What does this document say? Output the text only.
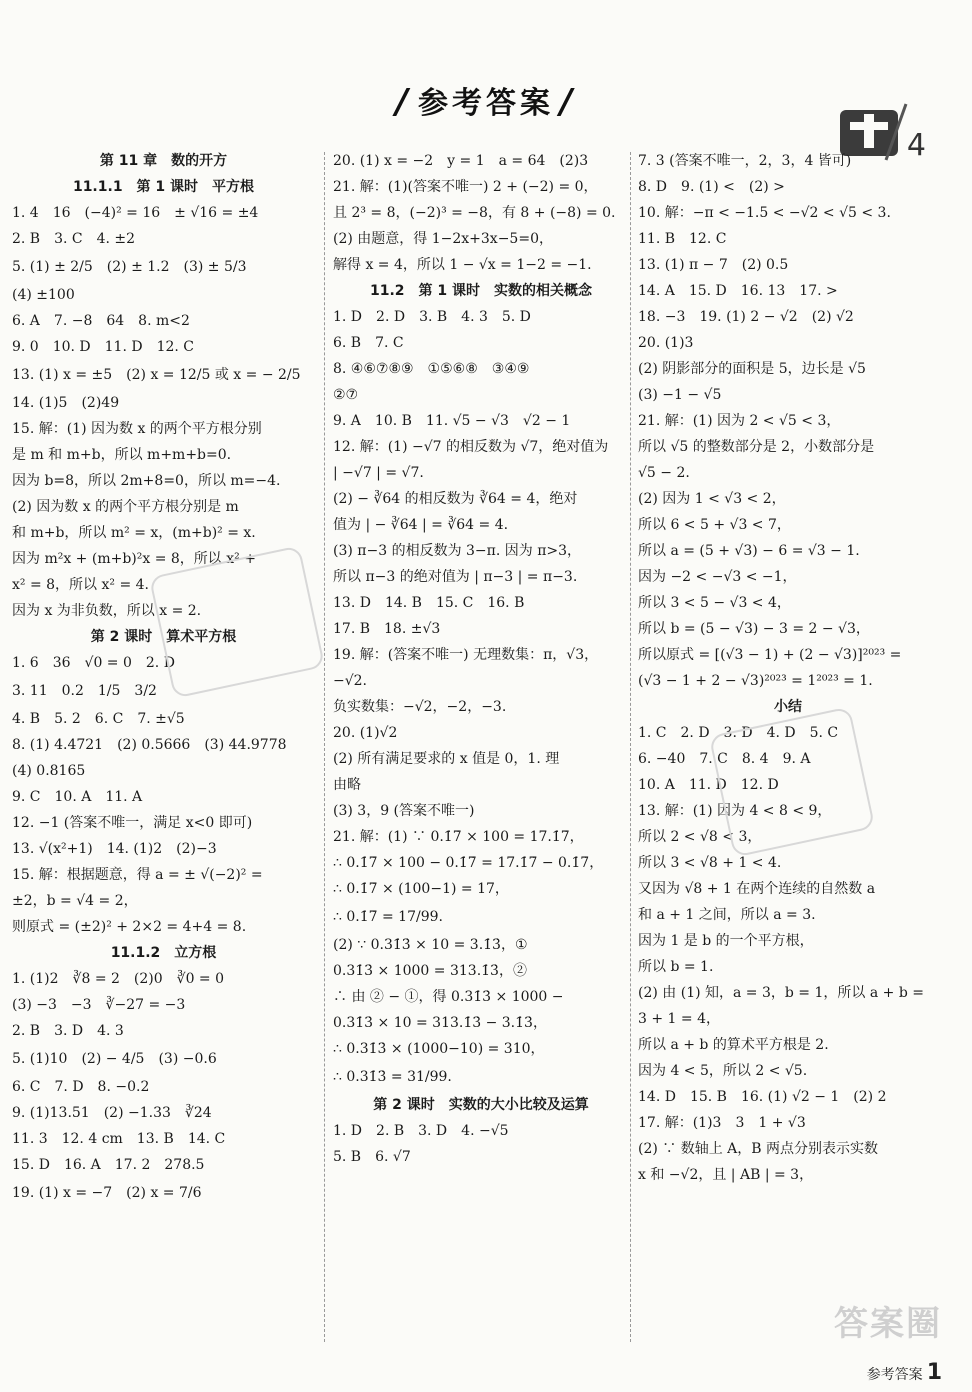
/ 参考答案 /
4
第 11 章　数的开方
11.1.1　第 1 课时　平方根
1. 4　16　(−4)² = 16　± √16 = ±4
2. B　3. C　4. ±2
5. (1) ± 2/5　(2) ± 1.2　(3) ± 5/3
(4) ±100
6. A　7. −8　64　8. m<2
9. 0　10. D　11. D　12. C
13. (1) x = ±5　(2) x = 12/5 或 x = − 2/5
14. (1)5　(2)49
15. 解：(1) 因为数 x 的两个平方根分别
是 m 和 m+b，所以 m+m+b=0.
因为 b=8，所以 2m+8=0，所以 m=−4.
(2) 因为数 x 的两个平方根分别是 m
和 m+b，所以 m² = x，(m+b)² = x.
因为 m²x + (m+b)²x = 8，所以 x² +
x² = 8，所以 x² = 4.
因为 x 为非负数，所以 x = 2.
第 2 课时　算术平方根
1. 6　36　√0 = 0　2. D
3. 11　0.2　1/5　3/2
4. B　5. 2　6. C　7. ±√5
8. (1) 4.4721　(2) 0.5666　(3) 44.9778
(4) 0.8165
9. C　10. A　11. A
12. −1 (答案不唯一，满足 x<0 即可)
13. √(x²+1)　14. (1)2　(2)−3
15. 解：根据题意，得 a = ± √(−2)² =
±2，b = √4 = 2，
则原式 = (±2)² + 2×2 = 4+4 = 8.
11.1.2　立方根
1. (1)2　∛8 = 2　(2)0　∛0 = 0
(3) −3　−3　∛−27 = −3
2. B　3. D　4. 3
5. (1)10　(2) − 4/5　(3) −0.6
6. C　7. D　8. −0.2
9. (1)13.51　(2) −1.33　∛24
11. 3　12. 4 cm　13. B　14. C
15. D　16. A　17. 2　278.5
19. (1) x = −7　(2) x = 7/6
20. (1) x = −2　y = 1　a = 64　(2)3
21. 解：(1)(答案不唯一) 2 + (−2) = 0，
且 2³ = 8，(−2)³ = −8，有 8 + (−8) = 0.
(2) 由题意，得 1−2x+3x−5=0，
解得 x = 4，所以 1 − √x = 1−2 = −1.
11.2　第 1 课时　实数的相关概念
1. D　2. D　3. B　4. 3　5. D
6. B　7. C
8. ④⑥⑦⑧⑨　①⑤⑥⑧　③④⑨
②⑦
9. A　10. B　11. √5 − √3　√2 − 1
12. 解：(1) −√7 的相反数为 √7，绝对值为
| −√7 | = √7.
(2) − ∛64 的相反数为 ∛64 = 4，绝对
值为 | − ∛64 | = ∛64 = 4.
(3) π−3 的相反数为 3−π. 因为 π>3，
所以 π−3 的绝对值为 | π−3 | = π−3.
13. D　14. B　15. C　16. B
17. B　18. ±√3
19. 解：(答案不唯一) 无理数集：π，√3，
−√2.
负实数集：−√2，−2，−3.
20. (1)√2
(2) 所有满足要求的 x 值是 0，1. 理
由略
(3) 3，9 (答案不唯一)
21. 解：(1) ∵ 0.1̇7̇ × 100 = 17.1̇7̇，
∴ 0.1̇7̇ × 100 − 0.1̇7̇ = 17.1̇7̇ − 0.1̇7̇，
∴ 0.1̇7̇ × (100−1) = 17，
∴ 0.1̇7̇ = 17/99.
(2) ∵ 0.31̇3̇ × 10 = 3.1̇3̇，①
0.31̇3̇ × 1000 = 313.1̇3̇，②
∴ 由 ② − ①，得 0.31̇3̇ × 1000 −
0.31̇3̇ × 10 = 313.1̇3̇ − 3.1̇3̇，
∴ 0.31̇3̇ × (1000−10) = 310，
∴ 0.31̇3̇ = 31/99.
第 2 课时　实数的大小比较及运算
1. D　2. B　3. D　4. −√5
5. B　6. √7
7. 3 (答案不唯一，2，3，4 皆可)
8. D　9. (1) <　(2) >
10. 解：−π < −1.5 < −√2 < √5 < 3.
11. B　12. C
13. (1) π − 7　(2) 0.5
14. A　15. D　16. 13　17. >
18. −3　19. (1) 2 − √2　(2) √2
20. (1)3
(2) 阴影部分的面积是 5，边长是 √5
(3) −1 − √5
21. 解：(1) 因为 2 < √5 < 3，
所以 √5 的整数部分是 2，小数部分是
√5 − 2.
(2) 因为 1 < √3 < 2，
所以 6 < 5 + √3 < 7，
所以 a = (5 + √3) − 6 = √3 − 1.
因为 −2 < −√3 < −1，
所以 3 < 5 − √3 < 4，
所以 b = (5 − √3) − 3 = 2 − √3，
所以原式 = [(√3 − 1) + (2 − √3)]²⁰²³ =
(√3 − 1 + 2 − √3)²⁰²³ = 1²⁰²³ = 1.
小结
1. C　2. D　3. D　4. D　5. C
6. −40　7. C　8. 4　9. A
10. A　11. D　12. D
13. 解：(1) 因为 4 < 8 < 9，
所以 2 < √8 < 3，
所以 3 < √8 + 1 < 4.
又因为 √8 + 1 在两个连续的自然数 a
和 a + 1 之间，所以 a = 3.
因为 1 是 b 的一个平方根，
所以 b = 1.
(2) 由 (1) 知，a = 3，b = 1，所以 a + b =
3 + 1 = 4，
所以 a + b 的算术平方根是 2.
因为 4 < 5，所以 2 < √5.
14. D　15. B　16. (1) √2 − 1　(2) 2
17. 解：(1)3　3　1 + √3
(2) ∵ 数轴上 A，B 两点分别表示实数
x 和 −√2，且 | AB | = 3，
答案圈
参考答案 1
